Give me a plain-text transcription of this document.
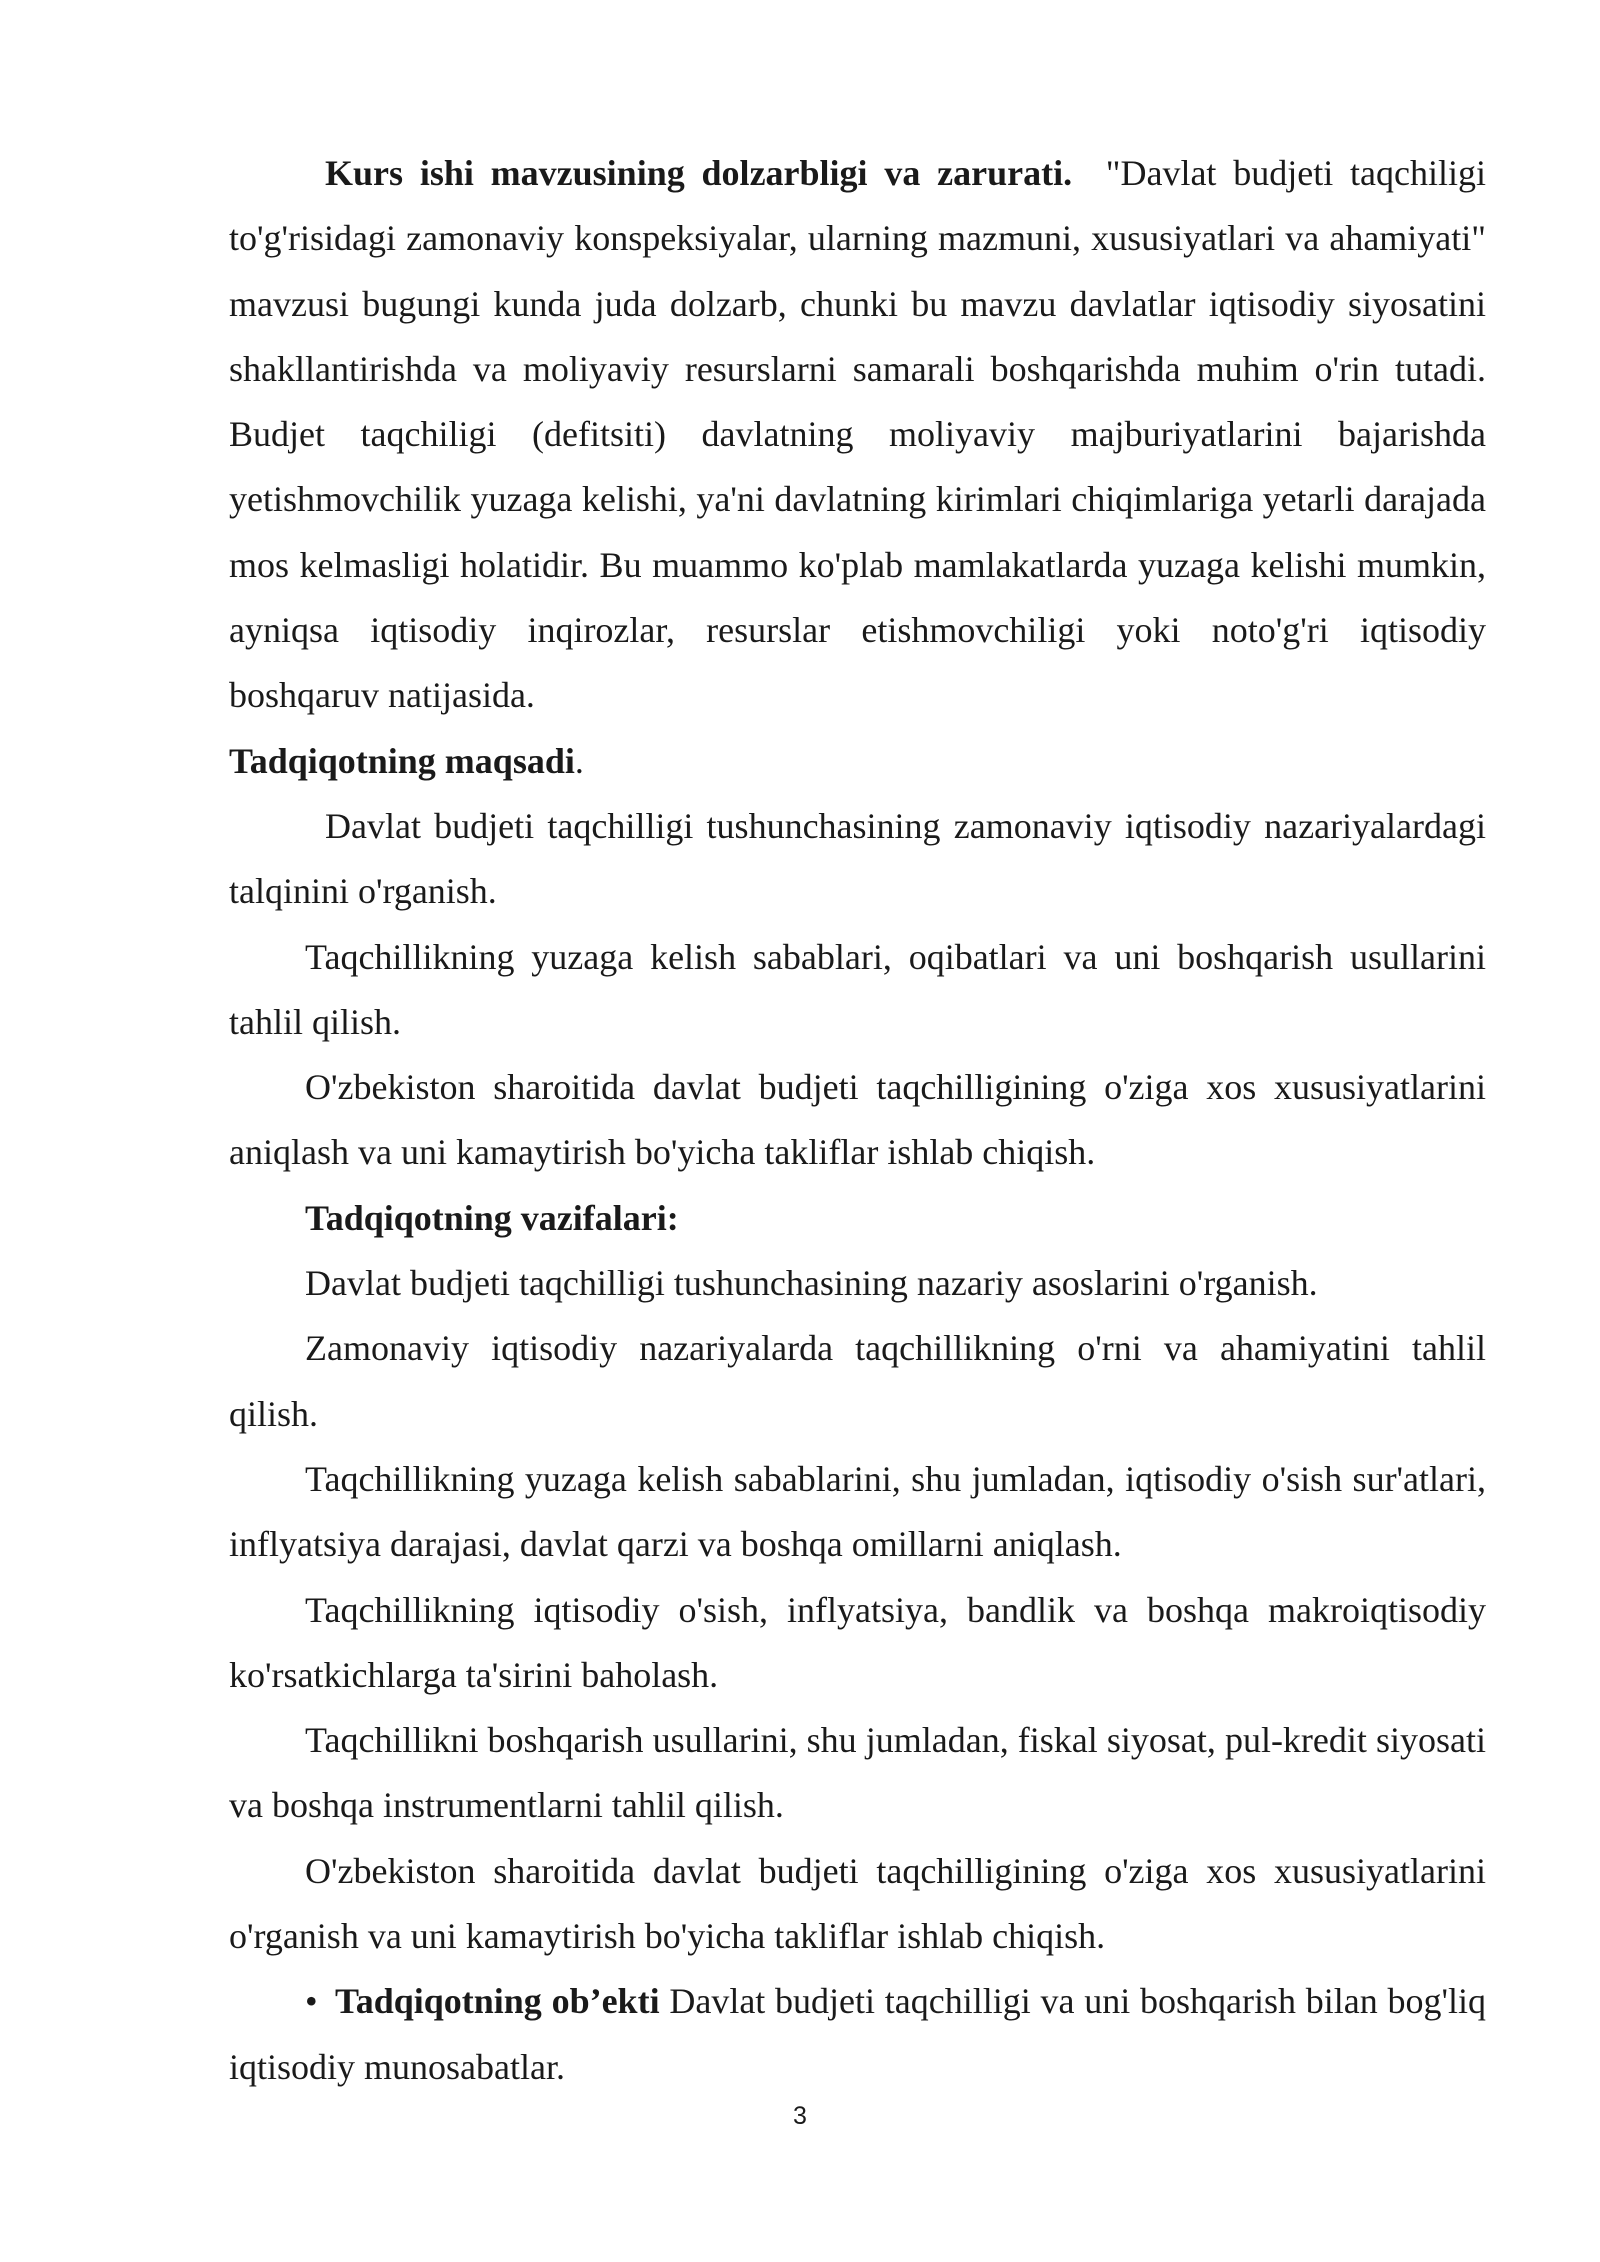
Kurs ishi mavzusining dolzarbligi va zarurati.  "Davlat budjeti taqchiligi to'g'risidagi zamonaviy konspeksiyalar, ularning mazmuni, xususiyatlari va ahamiyati" mavzusi bugungi kunda juda dolzarb, chunki bu mavzu davlatlar iqtisodiy siyosatini shakllantirishda va moliyaviy resurslarni samarali boshqarishda muhim o'rin tutadi. Budjet taqchiligi (defitsiti) davlatning moliyaviy majburiyatlarini bajarishda yetishmovchilik yuzaga kelishi, ya'ni davlatning kirimlari chiqimlariga yetarli darajada mos kelmasligi holatidir. Bu muammo ko'plab mamlakatlarda yuzaga kelishi mumkin, ayniqsa iqtisodiy inqirozlar, resurslar etishmovchiligi yoki noto'g'ri iqtisodiy boshqaruv natijasida.

Tadqiqotning maqsadi.

Davlat budjeti taqchilligi tushunchasining zamonaviy iqtisodiy nazariyalardagi talqinini o'rganish.

Taqchillikning yuzaga kelish sabablari, oqibatlari va uni boshqarish usullarini tahlil qilish.

O'zbekiston sharoitida davlat budjeti taqchilligining o'ziga xos xususiyatlarini aniqlash va uni kamaytirish bo'yicha takliflar ishlab chiqish.

Tadqiqotning vazifalari:

Davlat budjeti taqchilligi tushunchasining nazariy asoslarini o'rganish.

Zamonaviy iqtisodiy nazariyalarda taqchillikning o'rni va ahamiyatini tahlil qilish.

Taqchillikning yuzaga kelish sabablarini, shu jumladan, iqtisodiy o'sish sur'atlari, inflyatsiya darajasi, davlat qarzi va boshqa omillarni aniqlash.

Taqchillikning iqtisodiy o'sish, inflyatsiya, bandlik va boshqa makroiqtisodiy ko'rsatkichlarga ta'sirini baholash.

Taqchillikni boshqarish usullarini, shu jumladan, fiskal siyosat, pul-kredit siyosati va boshqa instrumentlarni tahlil qilish.

O'zbekiston sharoitida davlat budjeti taqchilligining o'ziga xos xususiyatlarini o'rganish va uni kamaytirish bo'yicha takliflar ishlab chiqish.

• Tadqiqotning ob’ekti Davlat budjeti taqchilligi va uni boshqarish bilan bog'liq iqtisodiy munosabatlar.

3
